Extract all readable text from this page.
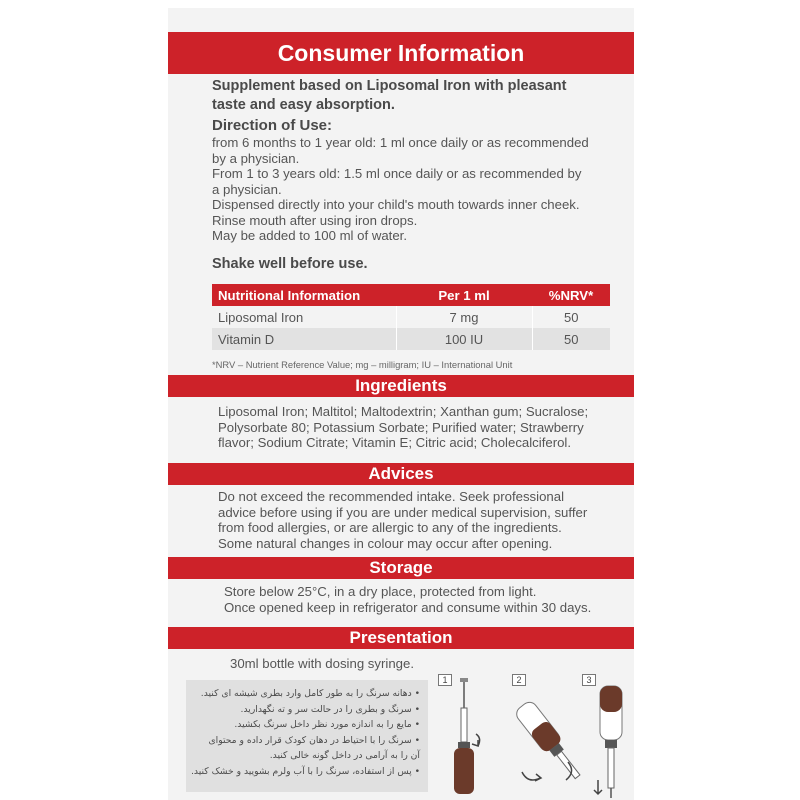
Consumer Information
Supplement based on Liposomal Iron with pleasant
taste and easy absorption.
Direction of Use:
from 6 months to 1 year old: 1 ml once daily or as recommended
by a physician.
From 1 to 3 years old: 1.5 ml once daily or as recommended by
a physician.
Dispensed directly into your child's mouth towards inner cheek.
Rinse mouth after using iron drops.
May be added to 100 ml of water.
Shake well before use.
Nutritional Information	Per 1 ml	%NRV*
Liposomal Iron	7 mg	50
Vitamin D	100 IU	50
*NRV – Nutrient Reference Value; mg – milligram; IU – International Unit
Ingredients
Liposomal Iron; Maltitol; Maltodextrin; Xanthan gum; Sucralose;
Polysorbate 80; Potassium Sorbate; Purified water; Strawberry
flavor; Sodium Citrate; Vitamin E; Citric acid; Cholecalciferol.
Advices
Do not exceed the recommended intake. Seek professional
advice before using if you are under medical supervision, suffer
from food allergies, or are allergic to any of the ingredients.
Some natural changes in colour may occur after opening.
Storage
Store below 25°C, in a dry place, protected from light.
Once opened keep in refrigerator and consume within 30 days.
Presentation
30ml bottle with dosing syringe.
• دهانه سرنگ را به طور کامل وارد بطری شیشه ای کنید.
• سرنگ و بطری را در حالت سر و ته نگهدارید.
• مایع را به اندازه مورد نظر داخل سرنگ بکشید.
• سرنگ را با احتیاط در دهان کودک قرار داده و محتوای
آن را به آرامی در داخل گونه خالی کنید.
• پس از استفاده، سرنگ را با آب ولرم بشویید و خشک کنید.
1	2	3
